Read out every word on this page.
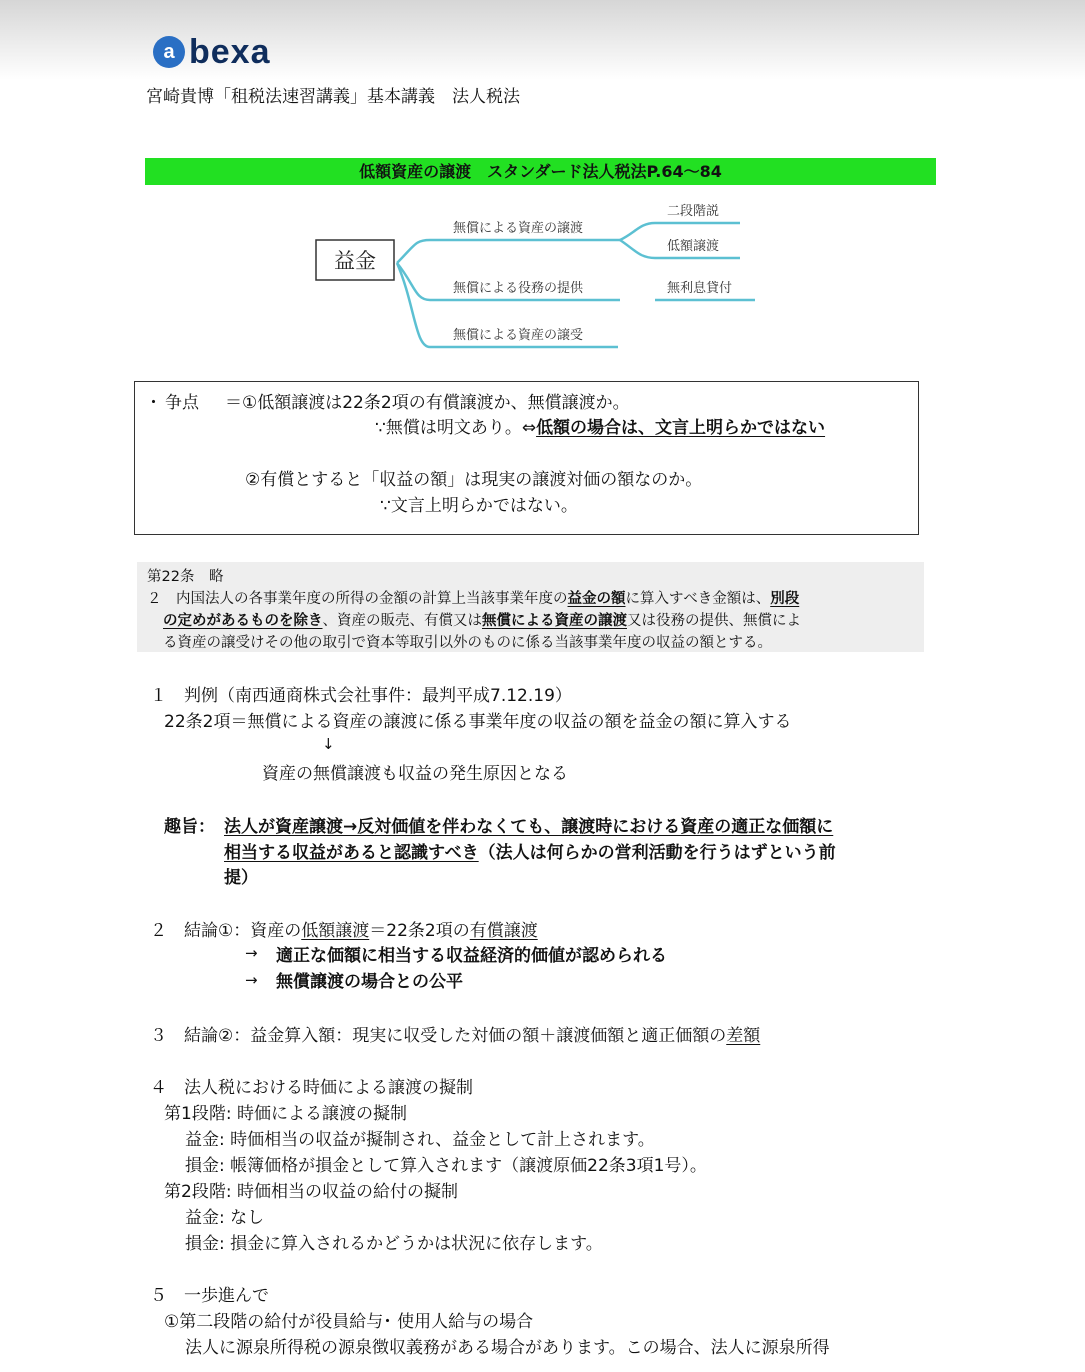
a bexa
宮崎貴博「租税法速習講義」基本講義　法人税法
低額資産の譲渡　スタンダード法人税法P.64～84
益金
無償による資産の譲渡
無償による役務の提供
無償による資産の譲受
二段階説
低額譲渡
無利息貸付
・ 争点 ＝①低額譲渡は22条2項の有償譲渡か、無償譲渡か。
∵無償は明文あり。⇔低額の場合は、文言上明らかではない
②有償とすると「収益の額」は現実の譲渡対価の額なのか。
∵文言上明らかではない。
第22条　略
２　内国法人の各事業年度の所得の金額の計算上当該事業年度の益金の額に算入すべき金額は、別段
の定めがあるものを除き、資産の販売、有償又は無償による資産の譲渡又は役務の提供、無償によ
る資産の譲受けその他の取引で資本等取引以外のものに係る当該事業年度の収益の額とする。
１　判例（南西通商株式会社事件：最判平成7.12.19）
22条2項＝無償による資産の譲渡に係る事業年度の収益の額を益金の額に算入する
↓
資産の無償譲渡も収益の発生原因となる
趣旨： 法人が資産譲渡→反対価値を伴わなくても、譲渡時における資産の適正な価額に
相当する収益があると認識すべき（法人は何らかの営利活動を行うはずという前
提）
２　結論①：資産の低額譲渡＝22条2項の有償譲渡
→ 適正な価額に相当する収益経済的価値が認められる
→ 無償譲渡の場合との公平
３　結論②：益金算入額：現実に収受した対価の額＋譲渡価額と適正価額の差額
４　法人税における時価による譲渡の擬制
第1段階: 時価による譲渡の擬制
益金: 時価相当の収益が擬制され、益金として計上されます。
損金: 帳簿価格が損金として算入されます（譲渡原価22条3項1号）。
第2段階: 時価相当の収益の給付の擬制
益金: なし
損金: 損金に算入されるかどうかは状況に依存します。
５　一歩進んで
①第二段階の給付が役員給与･ 使用人給与の場合
法人に源泉所得税の源泉徴収義務がある場合があります。この場合、法人に源泉所得
